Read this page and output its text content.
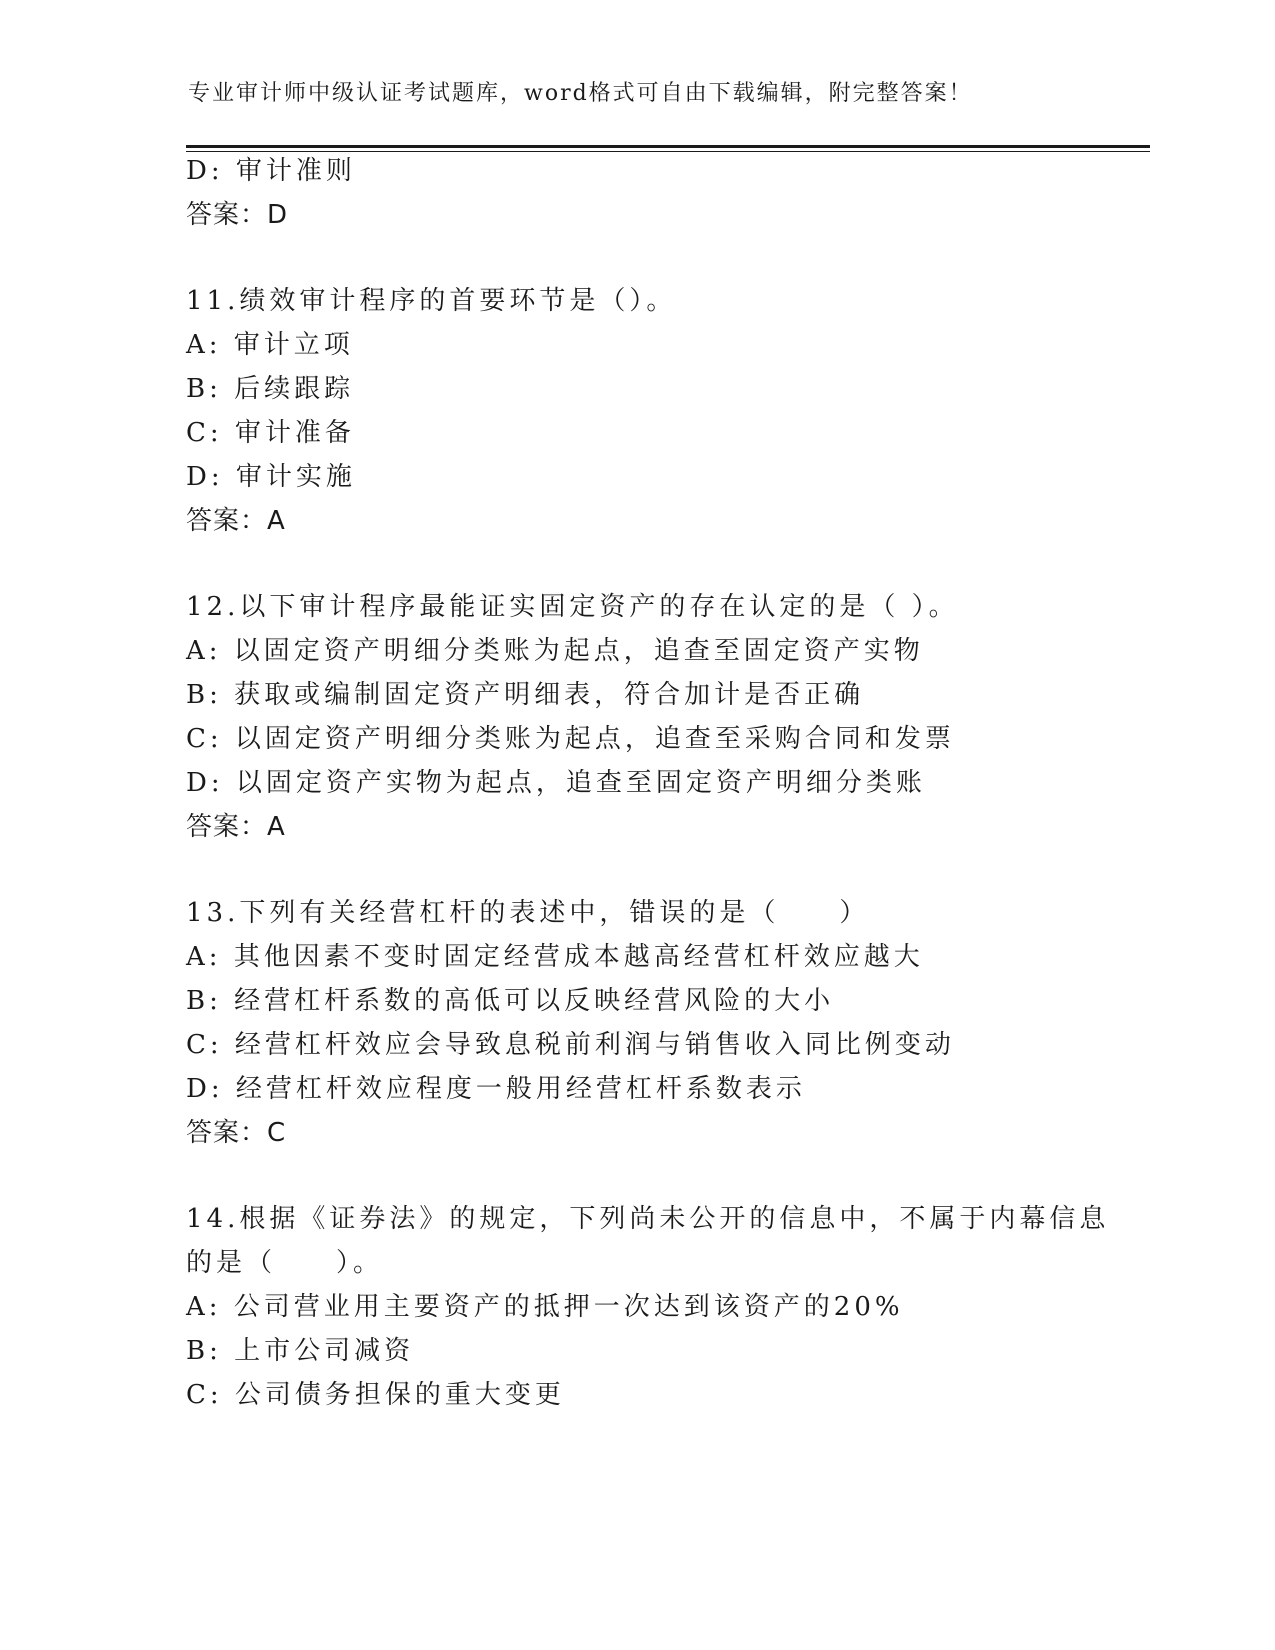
专业审计师中级认证考试题库，word格式可自由下载编辑，附完整答案！
D: 审计准则
答案：D
11.绩效审计程序的首要环节是（）。
A: 审计立项
B: 后续跟踪
C: 审计准备
D: 审计实施
答案：A
12.以下审计程序最能证实固定资产的存在认定的是（ ）。
A: 以固定资产明细分类账为起点，追查至固定资产实物
B: 获取或编制固定资产明细表，符合加计是否正确
C: 以固定资产明细分类账为起点，追查至采购合同和发票
D: 以固定资产实物为起点，追查至固定资产明细分类账
答案：A
13.下列有关经营杠杆的表述中，错误的是（　　）
A: 其他因素不变时固定经营成本越高经营杠杆效应越大
B: 经营杠杆系数的高低可以反映经营风险的大小
C: 经营杠杆效应会导致息税前利润与销售收入同比例变动
D: 经营杠杆效应程度一般用经营杠杆系数表示
答案：C
14.根据《证券法》的规定，下列尚未公开的信息中，不属于内幕信息
的是（　　）。
A: 公司营业用主要资产的抵押一次达到该资产的20%
B: 上市公司减资
C: 公司债务担保的重大变更
